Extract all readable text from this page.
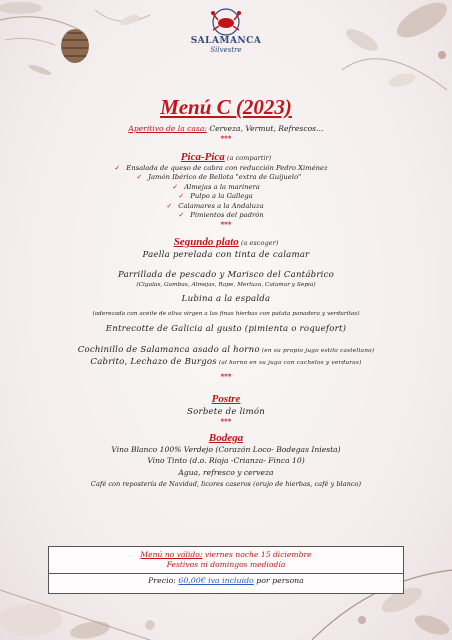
SALAMANCA
Silvestre
Menú C (2023)
Aperitivo de la casa: Cerveza, Vermut, Refrescos…
***
Pica-Pica (a compartir)
✓ Ensalada de queso de cabra con reducción Pedro Ximénez
✓ Jamón Ibérico de Bellota "extra de Guijuelo"
✓ Almejas a la marinera
✓ Pulpo a la Gallega
✓ Calamares a la Andaluza
✓ Pimientos del padrón
***
Segundo plato (a escoger)
Paella perelada con tinta de calamar
Parrillada de pescado y Marisco del Cantábrico
(Cigalas, Gambas, Almejas, Rape, Merluza, Calamar y Sepia)
Lubina a la espalda
(aderezada con aceite de oliva virgen a las finas hierbas con patata panadera y verduritas)
Entrecotte de Galicia al gusto (pimienta o roquefort)
Cochinillo de Salamanca asado al horno (en su propio jugo estilo castellano)
Cabrito, Lechazo de Burgos (al horno en su jugo con cachelos y verduras)
***
Postre
Sorbete de limón
***
Bodega
Vino Blanco 100% Verdejo (Corazón Loco- Bodegas Iniesta)
Vino Tinto (d.o. Rioja -Crianza- Finca 10)
Agua, refresco y cerveza
Café con repostería de Navidad, licores caseros (orujo de hierbas, café y blanco)
Menú no válido: viernes noche 15 diciembre
Festivos ni domingos mediodía
Precio: 60,00€ iva incluido por persona
